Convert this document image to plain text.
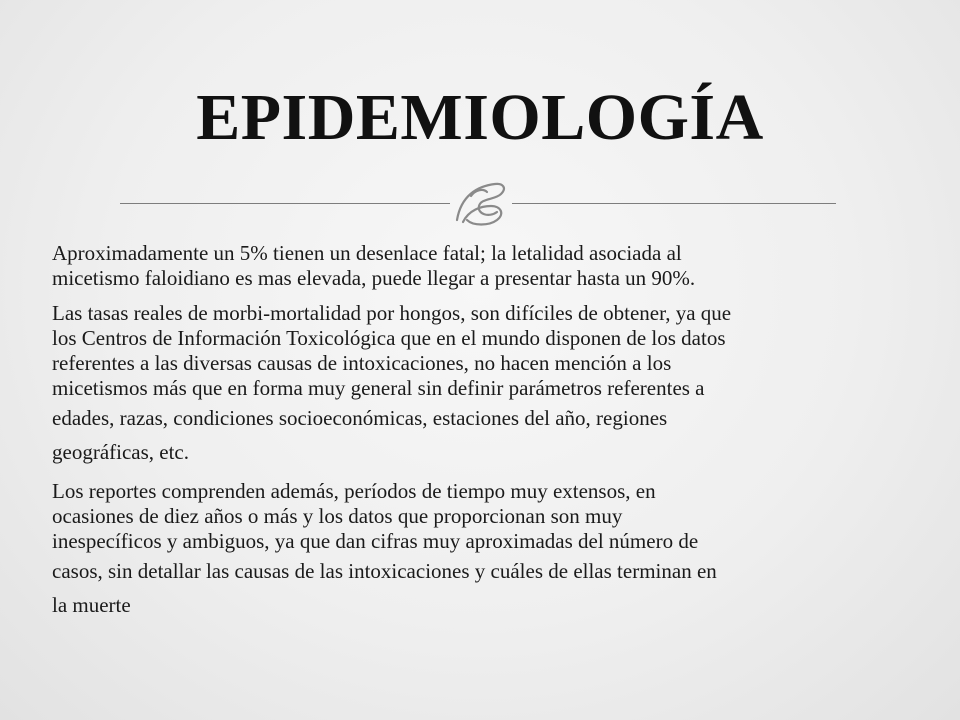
EPIDEMIOLOGÍA

Aproximadamente un 5% tienen un desenlace fatal; la letalidad asociada al
micetismo faloidiano es mas elevada, puede llegar a presentar hasta un 90%.

Las tasas reales de morbi-mortalidad por hongos, son difíciles de obtener, ya que
los Centros de Información Toxicológica que en el mundo disponen de los datos
referentes a las diversas causas de intoxicaciones, no hacen mención a los
micetismos más que en forma muy general sin definir parámetros referentes a
edades, razas, condiciones socioeconómicas, estaciones del año, regiones
geográficas, etc.

Los reportes comprenden además, períodos de tiempo muy extensos, en
ocasiones de diez años o más y los datos que proporcionan son muy
inespecíficos y ambiguos, ya que dan cifras muy aproximadas del número de
casos, sin detallar las causas de las intoxicaciones y cuáles de ellas terminan en
la muerte
